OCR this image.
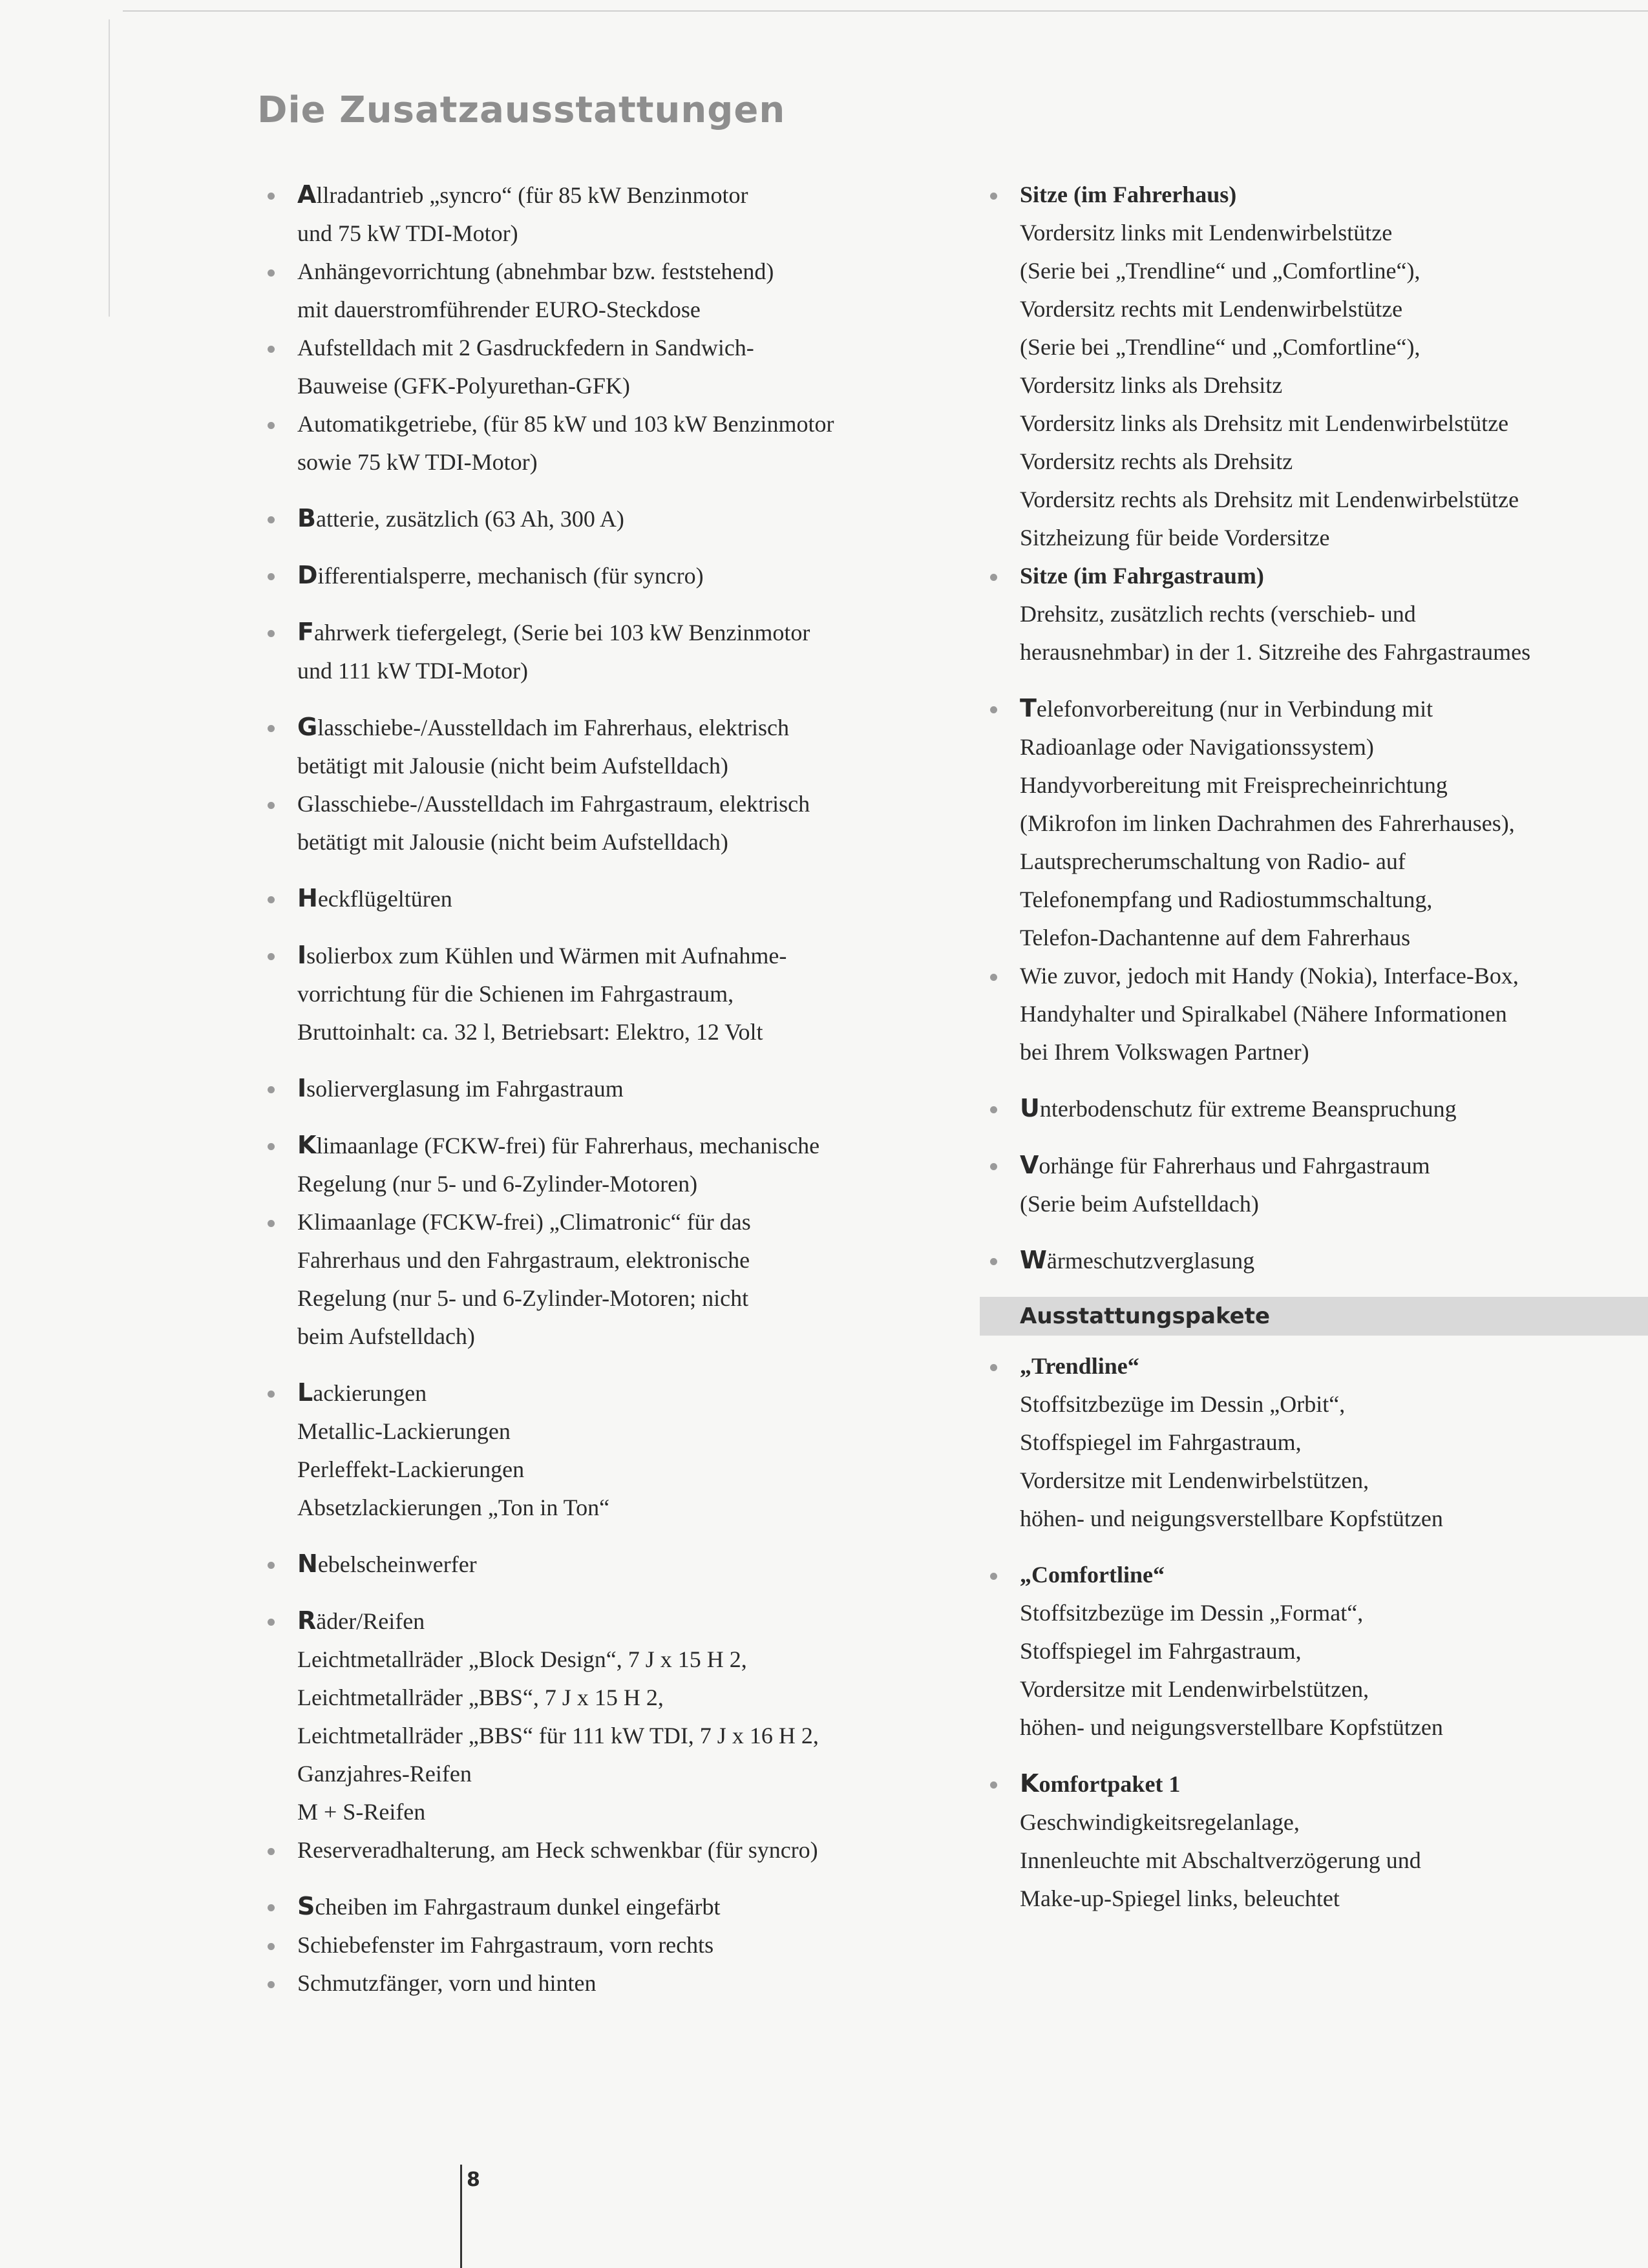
Die Zusatzausstattungen
Allradantrieb „syncro“ (für 85 kW Benzinmotor
und 75 kW TDI-Motor)
Anhängevorrichtung (abnehmbar bzw. feststehend)
mit dauerstromführender EURO-Steckdose
Aufstelldach mit 2 Gasdruckfedern in Sandwich-
Bauweise (GFK-Polyurethan-GFK)
Automatikgetriebe, (für 85 kW und 103 kW Benzinmotor
sowie 75 kW TDI-Motor)
Batterie, zusätzlich (63 Ah, 300 A)
Differentialsperre, mechanisch (für syncro)
Fahrwerk tiefergelegt, (Serie bei 103 kW Benzinmotor
und 111 kW TDI-Motor)
Glasschiebe-/Ausstelldach im Fahrerhaus, elektrisch
betätigt mit Jalousie (nicht beim Aufstelldach)
Glasschiebe-/Ausstelldach im Fahrgastraum, elektrisch
betätigt mit Jalousie (nicht beim Aufstelldach)
Heckflügeltüren
Isolierbox zum Kühlen und Wärmen mit Aufnahme-
vorrichtung für die Schienen im Fahrgastraum,
Bruttoinhalt: ca. 32 l, Betriebsart: Elektro, 12 Volt
Isolierverglasung im Fahrgastraum
Klimaanlage (FCKW-frei) für Fahrerhaus, mechanische
Regelung (nur 5- und 6-Zylinder-Motoren)
Klimaanlage (FCKW-frei) „Climatronic“ für das
Fahrerhaus und den Fahrgastraum, elektronische
Regelung (nur 5- und 6-Zylinder-Motoren; nicht
beim Aufstelldach)
Lackierungen
Metallic-Lackierungen
Perleffekt-Lackierungen
Absetzlackierungen „Ton in Ton“
Nebelscheinwerfer
Räder/Reifen
Leichtmetallräder „Block Design“, 7 J x 15 H 2,
Leichtmetallräder „BBS“, 7 J x 15 H 2,
Leichtmetallräder „BBS“ für 111 kW TDI, 7 J x 16 H 2,
Ganzjahres-Reifen
M + S-Reifen
Reserveradhalterung, am Heck schwenkbar (für syncro)
Scheiben im Fahrgastraum dunkel eingefärbt
Schiebefenster im Fahrgastraum, vorn rechts
Schmutzfänger, vorn und hinten
Sitze (im Fahrerhaus)
Vordersitz links mit Lendenwirbelstütze
(Serie bei „Trendline“ und „Comfortline“),
Vordersitz rechts mit Lendenwirbelstütze
(Serie bei „Trendline“ und „Comfortline“),
Vordersitz links als Drehsitz
Vordersitz links als Drehsitz mit Lendenwirbelstütze
Vordersitz rechts als Drehsitz
Vordersitz rechts als Drehsitz mit Lendenwirbelstütze
Sitzheizung für beide Vordersitze
Sitze (im Fahrgastraum)
Drehsitz, zusätzlich rechts (verschieb- und
herausnehmbar) in der 1. Sitzreihe des Fahrgastraumes
Telefonvorbereitung (nur in Verbindung mit
Radioanlage oder Navigationssystem)
Handyvorbereitung mit Freisprecheinrichtung
(Mikrofon im linken Dachrahmen des Fahrerhauses),
Lautsprecherumschaltung von Radio- auf
Telefonempfang und Radiostummschaltung,
Telefon-Dachantenne auf dem Fahrerhaus
Wie zuvor, jedoch mit Handy (Nokia), Interface-Box,
Handyhalter und Spiralkabel (Nähere Informationen
bei Ihrem Volkswagen Partner)
Unterbodenschutz für extreme Beanspruchung
Vorhänge für Fahrerhaus und Fahrgastraum
(Serie beim Aufstelldach)
Wärmeschutzverglasung
Ausstattungspakete
„Trendline“
Stoffsitzbezüge im Dessin „Orbit“,
Stoffspiegel im Fahrgastraum,
Vordersitze mit Lendenwirbelstützen,
höhen- und neigungsverstellbare Kopfstützen
„Comfortline“
Stoffsitzbezüge im Dessin „Format“,
Stoffspiegel im Fahrgastraum,
Vordersitze mit Lendenwirbelstützen,
höhen- und neigungsverstellbare Kopfstützen
Komfortpaket 1
Geschwindigkeitsregelanlage,
Innenleuchte mit Abschaltverzögerung und
Make-up-Spiegel links, beleuchtet
8
